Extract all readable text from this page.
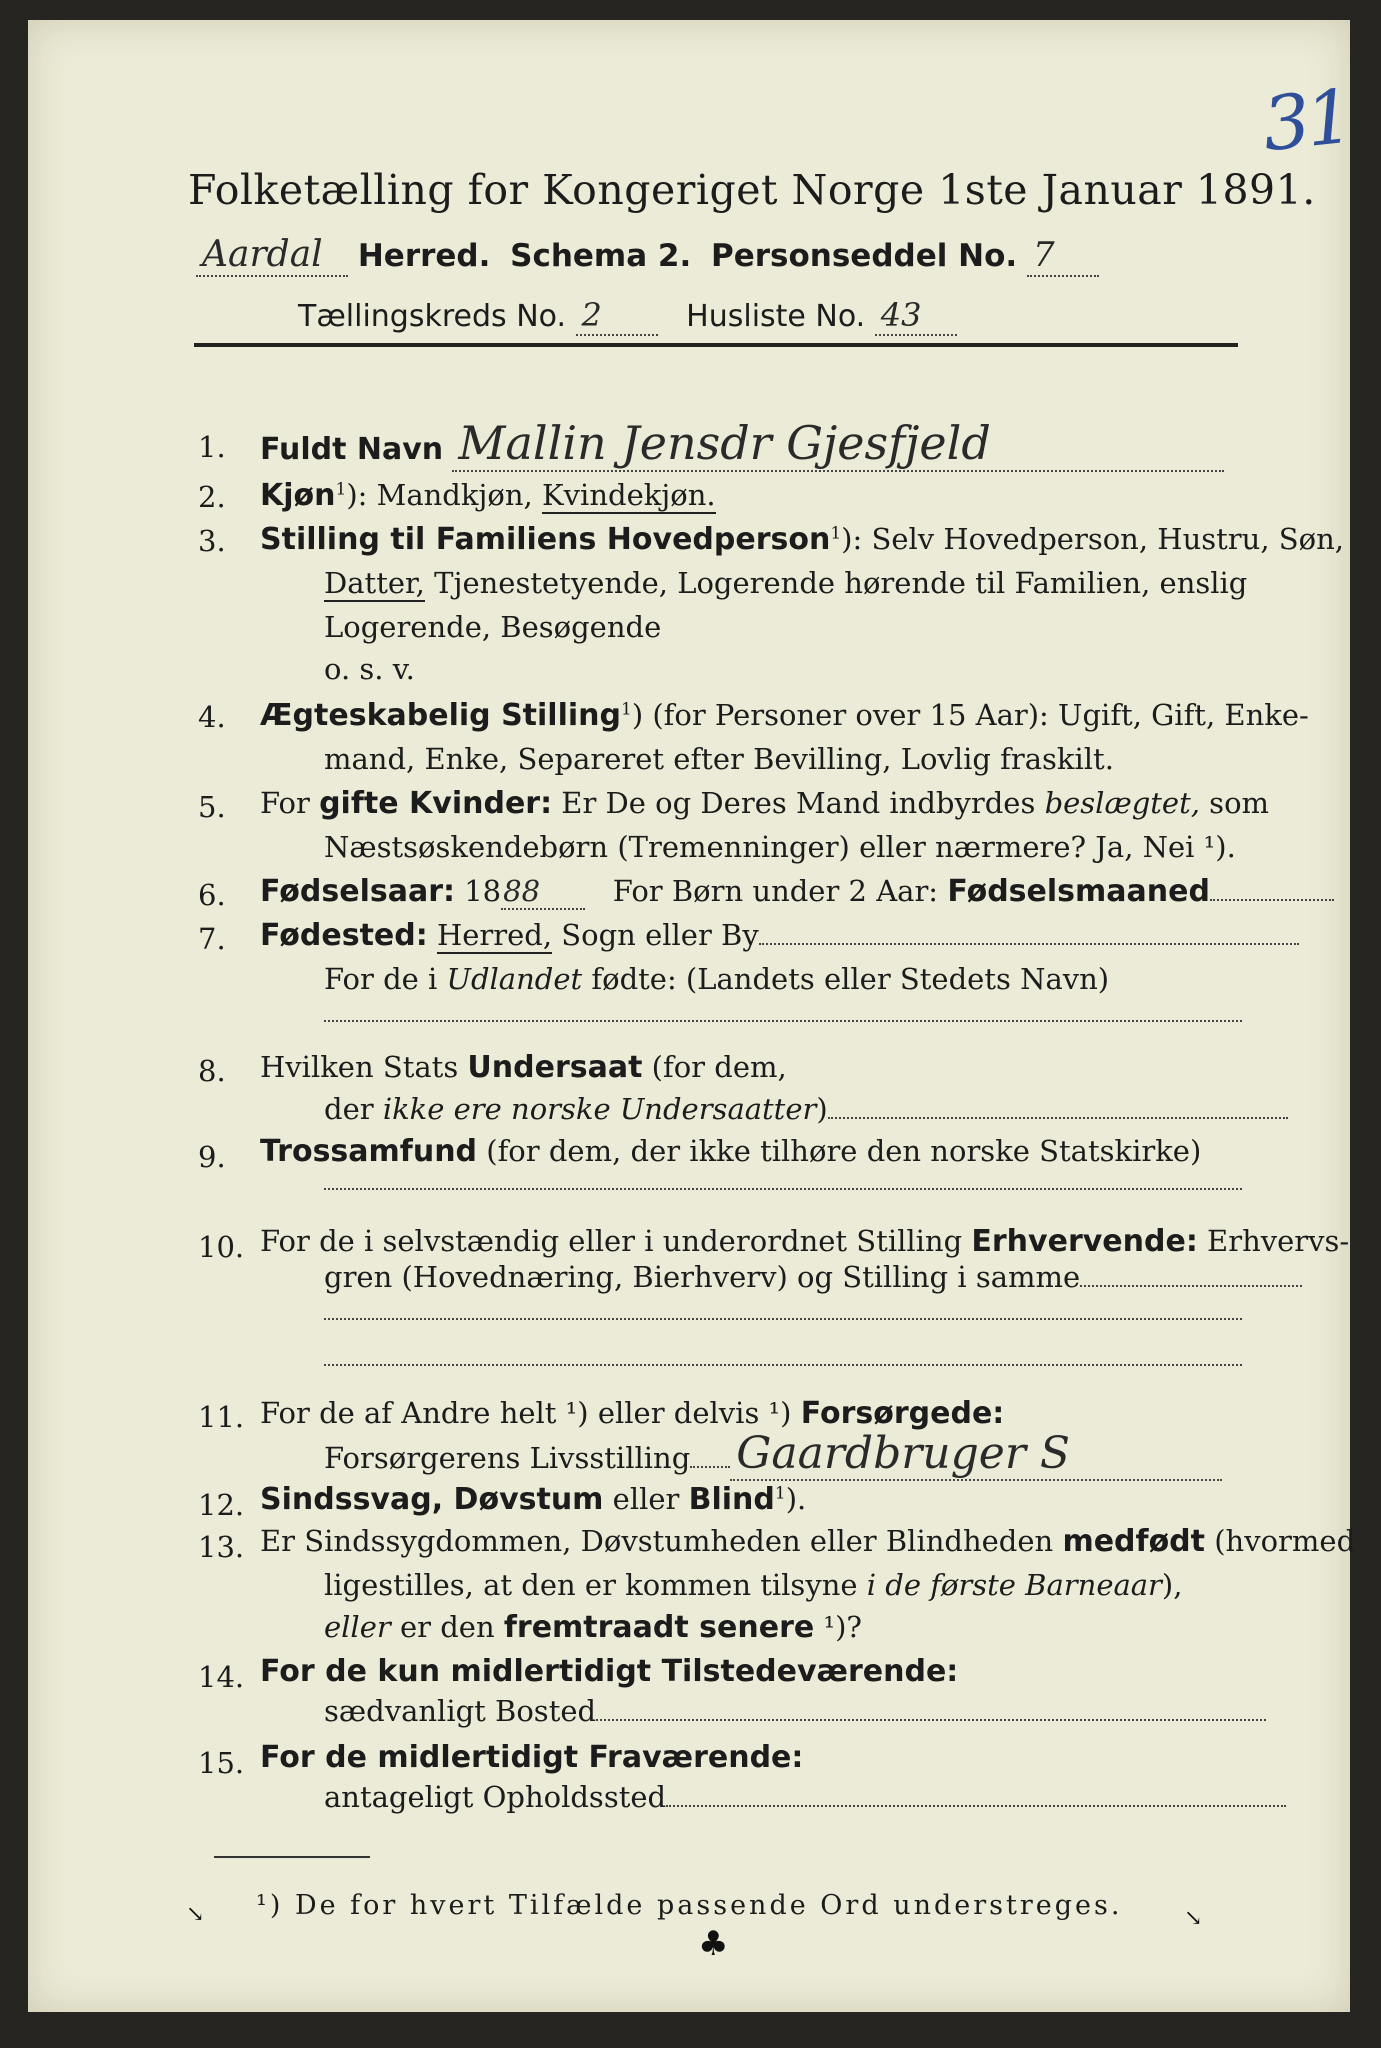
31
Folketælling for Kongeriget Norge 1ste Januar 1891.
Aardal Herred. Schema 2. Personseddel No. 7
Tællingskreds No. 2	Husliste No. 43
1.	Fuldt Navn Mallin Jensdr Gjesfjeld
2.	Kjøn$^1$): Mandkjøn, Kvindekjøn.
3.	Stilling til Familiens Hovedperson$^1$): Selv Hovedperson, Hustru, Søn,
Datter, Tjenestetyende, Logerende hørende til Familien, enslig
Logerende, Besøgende
o. s. v.
4.	Ægteskabelig Stilling$^1$) (for Personer over 15 Aar): Ugift, Gift, Enke-
mand, Enke, Separeret efter Bevilling, Lovlig fraskilt.
5.	For gifte Kvinder: Er De og Deres Mand indbyrdes beslægtet, som
Næstsøskendebørn (Tremenninger) eller nærmere? Ja, Nei ¹).
6.	Fødselsaar: 1888	For Børn under 2 Aar: Fødselsmaaned
7.	Fødested: Herred, Sogn eller By
For de i Udlandet fødte: (Landets eller Stedets Navn)
8.	Hvilken Stats Undersaat (for dem,
der ikke ere norske Undersaatter)
9.	Trossamfund (for dem, der ikke tilhøre den norske Statskirke)
10. For de i selvstændig eller i underordnet Stilling Erhvervende: Erhvervs-
gren (Hovednæring, Bierhverv) og Stilling i samme
11. For de af Andre helt ¹) eller delvis ¹) Forsørgede:
Forsørgerens Livsstilling Gaardbruger S
12. Sindssvag, Døvstum eller Blind$^1$).
13. Er Sindssygdommen, Døvstumheden eller Blindheden medfødt (hvormed
ligestilles, at den er kommen tilsyne i de første Barneaar),
eller er den fremtraadt senere ¹)?
14. For de kun midlertidigt Tilstedeværende:
sædvanligt Bosted
15. For de midlertidigt Fraværende:
antageligt Opholdssted
¹) De for hvert Tilfælde passende Ord understreges.
↘
♣
↘
